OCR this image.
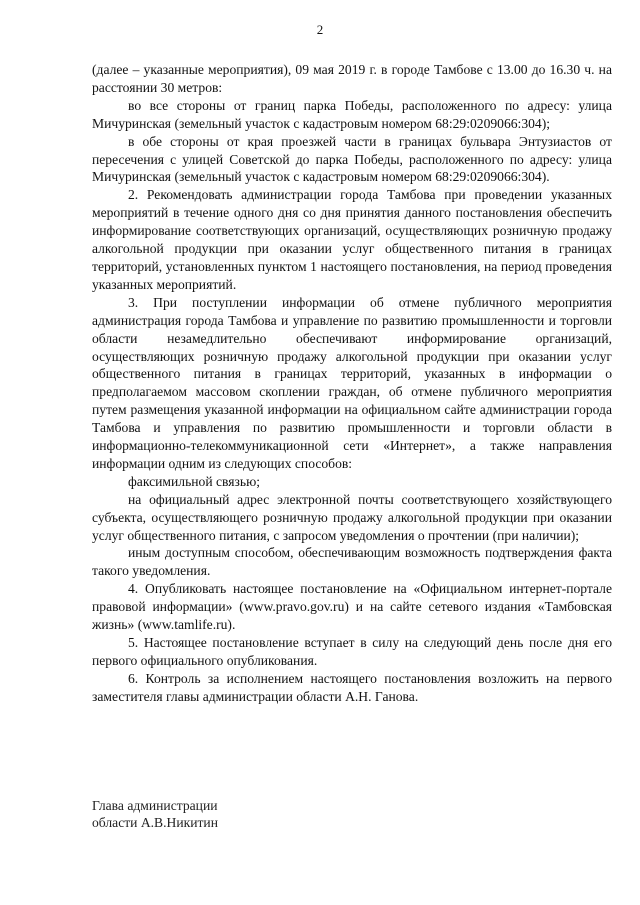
2

(далее – указанные мероприятия), 09 мая 2019 г. в городе Тамбове с 13.00 до 16.30 ч. на расстоянии 30 метров:

во все стороны от границ парка Победы, расположенного по адресу: улица Мичуринская (земельный участок с кадастровым номером 68:29:0209066:304);

в обе стороны от края проезжей части в границах бульвара Энтузиастов от пересечения с улицей Советской до парка Победы, расположенного по адресу: улица Мичуринская (земельный участок с кадастровым номером 68:29:0209066:304).

2. Рекомендовать администрации города Тамбова при проведении указанных мероприятий в течение одного дня со дня принятия данного постановления обеспечить информирование соответствующих организаций, осуществляющих розничную продажу алкогольной продукции при оказании услуг общественного питания в границах территорий, установленных пунктом 1 настоящего постановления, на период проведения указанных мероприятий.

3. При поступлении информации об отмене публичного мероприятия администрация города Тамбова и управление по развитию промышленности и торговли области незамедлительно обеспечивают информирование организаций, осуществляющих розничную продажу алкогольной продукции при оказании услуг общественного питания в границах территорий, указанных в информации о предполагаемом массовом скоплении граждан, об отмене публичного мероприятия путем размещения указанной информации на официальном сайте администрации города Тамбова и управления по развитию промышленности и торговли области в информационно-телекоммуникационной сети «Интернет», а также направления информации одним из следующих способов:

факсимильной связью;

на официальный адрес электронной почты соответствующего хозяйствующего субъекта, осуществляющего розничную продажу алкогольной продукции при оказании услуг общественного питания, с запросом уведомления о прочтении (при наличии);

иным доступным способом, обеспечивающим возможность подтверждения факта такого уведомления.

4. Опубликовать настоящее постановление на «Официальном интернет-портале правовой информации» (www.pravo.gov.ru) и на сайте сетевого издания «Тамбовская жизнь» (www.tamlife.ru).

5. Настоящее постановление вступает в силу на следующий день после дня его первого официального опубликования.

6. Контроль за исполнением настоящего постановления возложить на первого заместителя главы администрации области А.Н. Ганова.

Глава администрации
области А.В.Никитин
